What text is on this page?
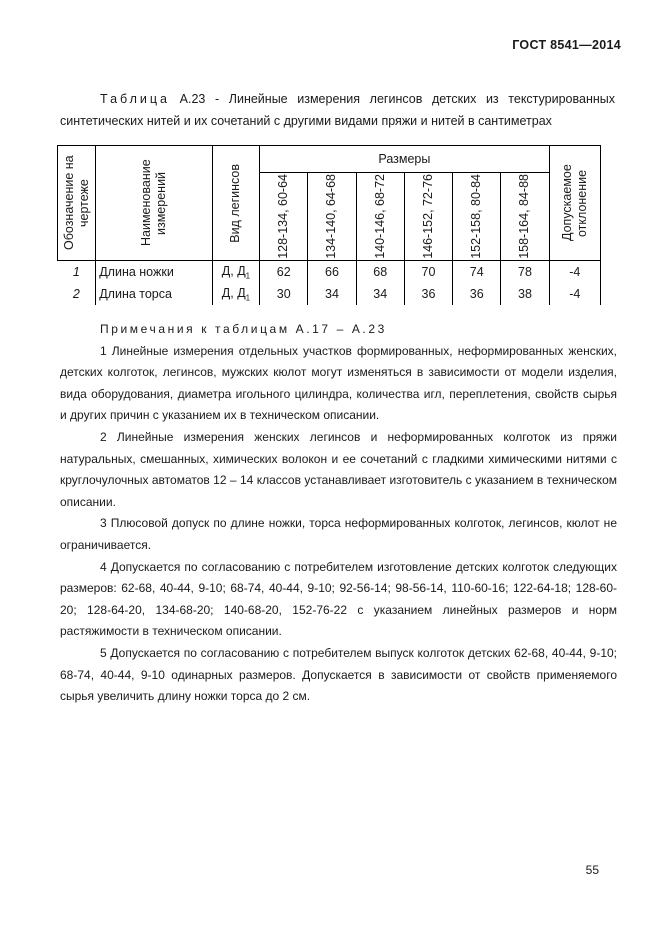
ГОСТ 8541—2014
Таблица А.23 - Линейные измерения легинсов детских из текстурированных
синтетических нитей и их сочетаний с другими видами пряжи и нитей в сантиметрах
Обозначение на чертеже	Наименование измерений	Вид легинсов	Размеры						Допускаемое отклонение

			128-134, 60-64	134-140, 64-68	140-146, 68-72	146-152, 72-76	152-158, 80-84	158-164, 84-88	

1	Длина ножки	Д, $Д_1$	62	66	68	70	74	78	-4
2	Длина торса	Д, $Д_1$	30	34	34	36	36	38	-4
Примечания к таблицам А.17 – А.23

1 Линейные измерения отдельных участков формированных, неформированных женских, детских колготок, легинсов, мужских кюлот могут изменяться в зависимости от модели изделия, вида оборудования, диаметра игольного цилиндра, количества игл, переплетения, свойств сырья и других причин с указанием их в техническом описании.

2 Линейные измерения женских легинсов и неформированных колготок из пряжи натуральных, смешанных, химических волокон и ее сочетаний с гладкими химическими нитями с круглочулочных автоматов 12 – 14 классов устанавливает изготовитель с указанием в техническом описании.

3 Плюсовой допуск по длине ножки, торса неформированных колготок, легинсов, кюлот не ограничивается.

4 Допускается по согласованию с потребителем изготовление детских колготок следующих размеров: 62-68, 40-44, 9-10; 68-74, 40-44, 9-10; 92-56-14; 98-56-14, 110-60-16; 122-64-18; 128-60-20; 128-64-20, 134-68-20; 140-68-20, 152-76-22 с указанием линейных размеров и норм растяжимости в техническом описании.

5 Допускается по согласованию с потребителем выпуск колготок детских 62-68, 40-44, 9-10; 68-74, 40-44, 9-10 одинарных размеров. Допускается в зависимости от свойств применяемого сырья увеличить длину ножки торса до 2 см.

55
